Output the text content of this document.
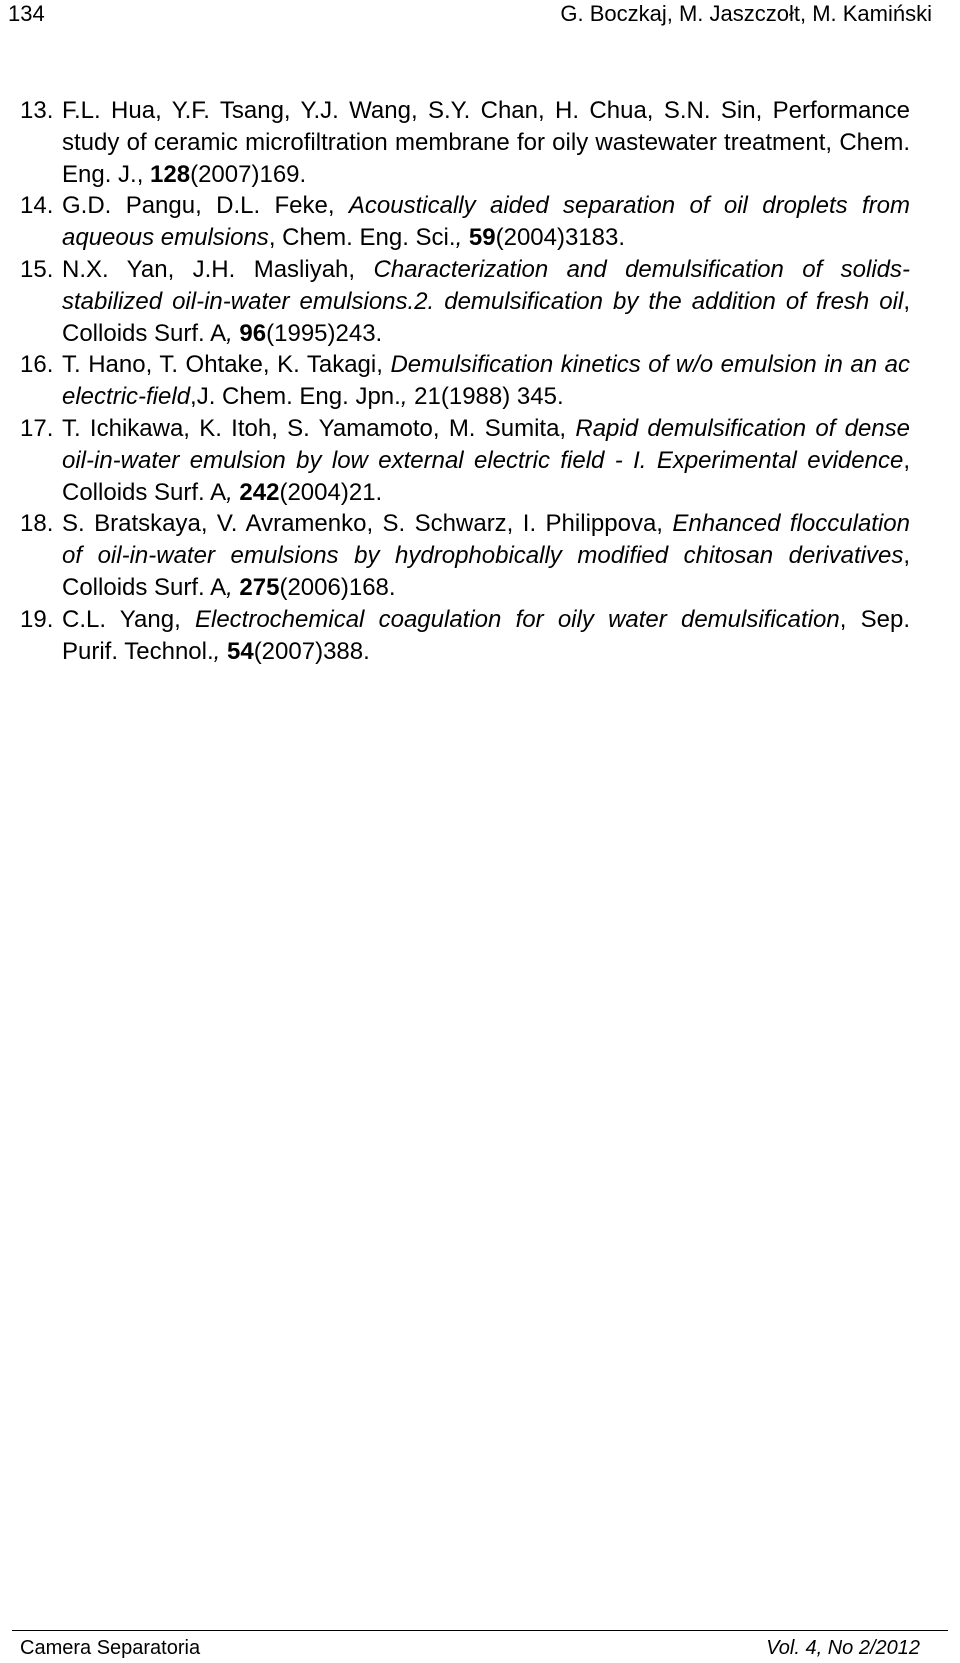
134	G. Boczkaj, M. Jaszczołt, M. Kamiński
13. F.L. Hua, Y.F. Tsang, Y.J. Wang, S.Y. Chan, H. Chua, S.N. Sin, Performance study of ceramic microfiltration membrane for oily wastewater treatment, Chem. Eng. J., 128(2007)169.
14. G.D. Pangu, D.L. Feke, Acoustically aided separation of oil droplets from aqueous emulsions, Chem. Eng. Sci., 59(2004)3183.
15. N.X. Yan, J.H. Masliyah, Characterization and demulsification of solids-stabilized oil-in-water emulsions.2. demulsification by the addition of fresh oil, Colloids Surf. A, 96(1995)243.
16. T. Hano, T. Ohtake, K. Takagi, Demulsification kinetics of w/o emulsion in an ac electric-field,J. Chem. Eng. Jpn., 21(1988) 345.
17. T. Ichikawa, K. Itoh, S. Yamamoto, M. Sumita, Rapid demulsification of dense oil-in-water emulsion by low external electric field - I. Experimental evidence, Colloids Surf. A, 242(2004)21.
18. S. Bratskaya, V. Avramenko, S. Schwarz, I. Philippova, Enhanced flocculation of oil-in-water emulsions by hydrophobically modified chitosan derivatives, Colloids Surf. A, 275(2006)168.
19. C.L. Yang, Electrochemical coagulation for oily water demulsification, Sep. Purif. Technol., 54(2007)388.
Camera Separatoria	Vol. 4, No 2/2012
